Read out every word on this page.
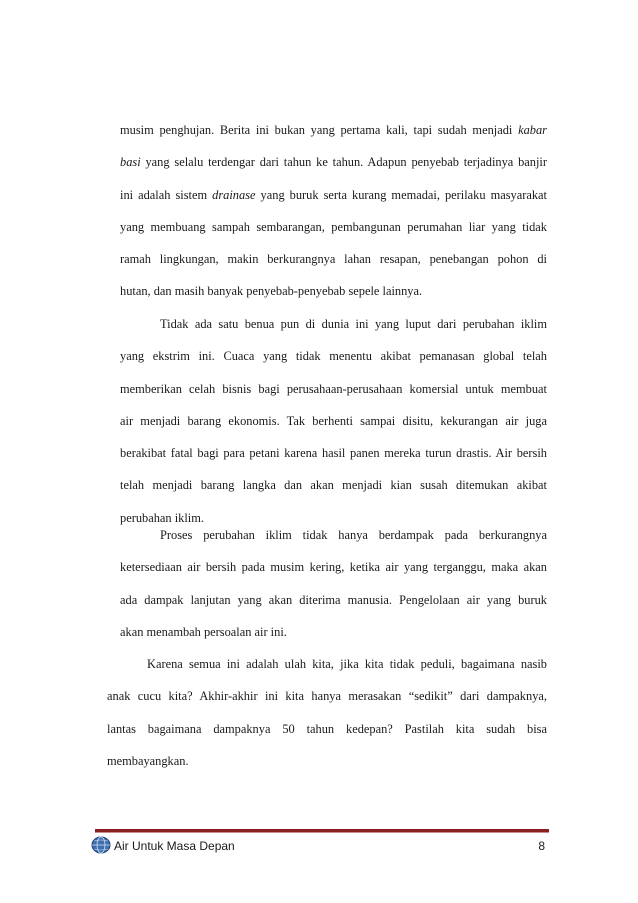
musim penghujan. Berita ini bukan yang pertama kali, tapi sudah menjadi kabar
basi yang selalu terdengar dari tahun ke tahun. Adapun penyebab terjadinya banjir
ini adalah sistem drainase yang buruk serta kurang memadai, perilaku masyarakat
yang membuang sampah sembarangan, pembangunan perumahan liar yang tidak
ramah lingkungan, makin berkurangnya lahan resapan, penebangan pohon di
hutan, dan masih banyak penyebab-penyebab sepele lainnya.
Tidak ada satu benua pun di dunia ini yang luput dari perubahan iklim
yang ekstrim ini. Cuaca yang tidak menentu akibat pemanasan global telah
memberikan celah bisnis bagi perusahaan-perusahaan komersial untuk membuat
air menjadi barang ekonomis. Tak berhenti sampai disitu, kekurangan air juga
berakibat fatal bagi para petani karena hasil panen mereka turun drastis. Air bersih
telah menjadi barang langka dan akan menjadi kian susah ditemukan akibat
perubahan iklim.
Proses perubahan iklim tidak hanya berdampak pada berkurangnya
ketersediaan air bersih pada musim kering, ketika air yang terganggu, maka akan
ada dampak lanjutan yang akan diterima manusia. Pengelolaan air yang buruk
akan menambah persoalan air ini.
Karena semua ini adalah ulah kita, jika kita tidak peduli, bagaimana nasib
anak cucu kita? Akhir-akhir ini kita hanya merasakan “sedikit” dari dampaknya,
lantas bagaimana dampaknya 50 tahun kedepan? Pastilah kita sudah bisa
membayangkan.
Air Untuk Masa Depan	8
